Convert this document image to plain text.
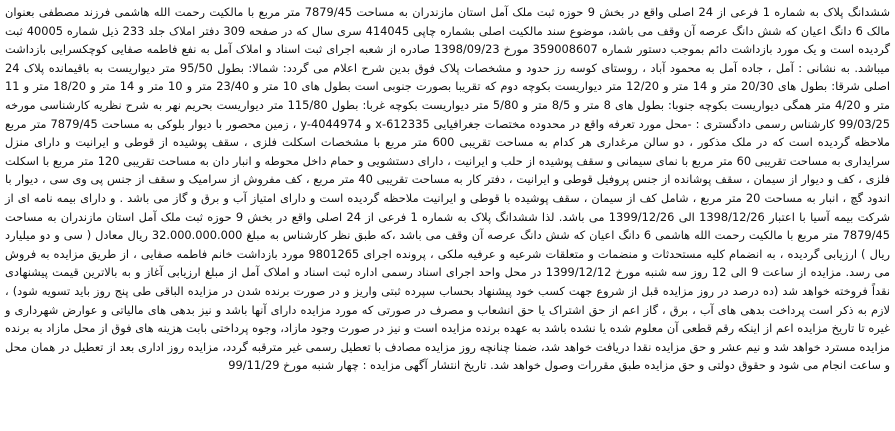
ششدانگ پلاک به شماره 1 فرعی از 24 اصلی واقع در بخش 9 حوزه ثبت ملک آمل استان مازندران به مساحت 7879/45 متر مربع با مالکیت رحمت الله هاشمی فرزند مصطفی بعنوان مالک 6 دانگ اعیان که شش دانگ عرصه آن وقف می باشد، موضوع سند مالکیت اصلی بشماره چاپی 414045 سری سال که در صفحه 309 دفتر املاک جلد 233 ذیل شماره 40005 ثبت گردیده است و یک مورد بازداشت دائم بموجب دستور شماره 359008607 مورخ 1398/09/23 صادره از شعبه اجرای ثبت اسناد و املاک آمل به نفع فاطمه صفایی کوچکسرایی بازداشت میباشد. به نشانی : آمل ، جاده آمل به محمود آباد ، روستای کوسه رز حدود و مشخصات پلاک فوق بدین شرح اعلام می گردد: شمالا: بطول 95/50 متر دیواریست به باقیمانده پلاک 24 اصلی شرقا: بطول های 20/30 متر و 14 متر و 12/20 متر دیواریست بکوچه دوم که تقریبا بصورت جنوبی است بطول های 10 متر و 23/40 متر و 10 متر و 14 متر و 18/20 متر و 11 متر و 4/20 متر همگی دیواریست بکوچه جنوبا: بطول های 8 متر و 8/5 متر و 5/80 متر دیواریست بکوچه غربا: بطول 115/80 متر دیواریست بحریم نهر به شرح نظریه کارشناسی مورخه 99/03/25 کارشناس رسمی دادگستری : -محل مورد تعرفه واقع در محدوده مختصات جغرافیایی x-612335 و y-4044974 ، زمین محصور با دیوار بلوکی به مساحت 7879/45 متر مربع ملاحظه گردیده است که در ملک مذکور ، دو سالن مرغداری هر کدام به مساحت تقریبی 600 متر مربع با مشخصات اسکلت فلزی ، سقف پوشیده از قوطی و ایرانیت و دارای منزل سرایداری به مساحت تقریبی 60 متر مربع با نمای سیمانی و سقف پوشیده از حلب و ایرانیت ، دارای دستشویی و حمام داخل محوطه و انبار دان به مساحت تقریبی 120 متر مربع با اسکلت فلزی ، کف و دیوار از سیمان ، سقف پوشانده از جنس پروفیل قوطی و ایرانیت ، دفتر کار به مساحت تقریبی 40 متر مربع ، کف مفروش از سرامیک و سقف از جنس پی وی سی ، دیوار با اندود گچ ، انبار به مساحت 20 متر مربع ، شامل کف از سیمان ، سقف پوشیده با قوطی و ایرانیت ملاحظه گردیده است و دارای امتیاز آب و برق و گاز می باشد . و دارای بیمه نامه ای از شرکت بیمه آسیا با اعتبار 1398/12/26 الی 1399/12/26 می باشد. لذا ششدانگ پلاک به شماره 1 فرعی از 24 اصلی واقع در بخش 9 حوزه ثبت ملک آمل استان مازندران به مساحت 7879/45 متر مربع با مالکیت رحمت الله هاشمی 6 دانگ اعیان که شش دانگ عرصه آن وقف می باشد ،که طبق نظر کارشناس به مبلغ 32.000.000.000 ریال معادل ( سی و دو میلیارد ریال ) ارزیابی گردیده ، به انضمام کلیه مستحدثات و منضمات و متعلقات شرعیه و عرفیه ملکی ، پرونده اجرای 9801265 مورد بازداشت خانم فاطمه صفایی ، از طریق مزایده به فروش می رسد. مزایده از ساعت 9 الی 12 روز سه شنبه مورخ 1399/12/12 در محل واحد اجرای اسناد رسمی اداره ثبت اسناد و املاک آمل از مبلغ ارزیابی آغاز و به بالاترین قیمت پیشنهادی نقداً فروخته خواهد شد (ده درصد در روز مزایده قبل از شروع جهت کسب خود پیشنهاد بحساب سپرده ثبتی واریز و در صورت برنده شدن در مزایده الباقی طی پنج روز باید تسویه شود) ، لازم به ذکر است پرداخت بدهی های آب ، برق ، گاز اعم از حق اشتراک یا حق انشعاب و مصرف در صورتی که مورد مزایده دارای آنها باشد و نیز بدهی های مالیاتی و عوارض شهرداری و غیره تا تاریخ مزایده اعم از اینکه رقم قطعی آن معلوم شده یا نشده باشد به عهده برنده مزایده است و نیز در صورت وجود مازاد، وجوه پرداختی بابت هزینه های فوق از محل مازاد به برنده مزایده مسترد خواهد شد و نیم عشر و حق مزایده نقدا دریافت خواهد شد، ضمنا چنانچه روز مزایده مصادف با تعطیل رسمی غیر مترقبه گردد، مزایده روز اداری بعد از تعطیل در همان محل و ساعت انجام می شود و حقوق دولتی و حق مزایده طبق مقررات وصول خواهد شد. تاریخ انتشار آگهی مزایده : چهار شنبه مورخ 99/11/29
